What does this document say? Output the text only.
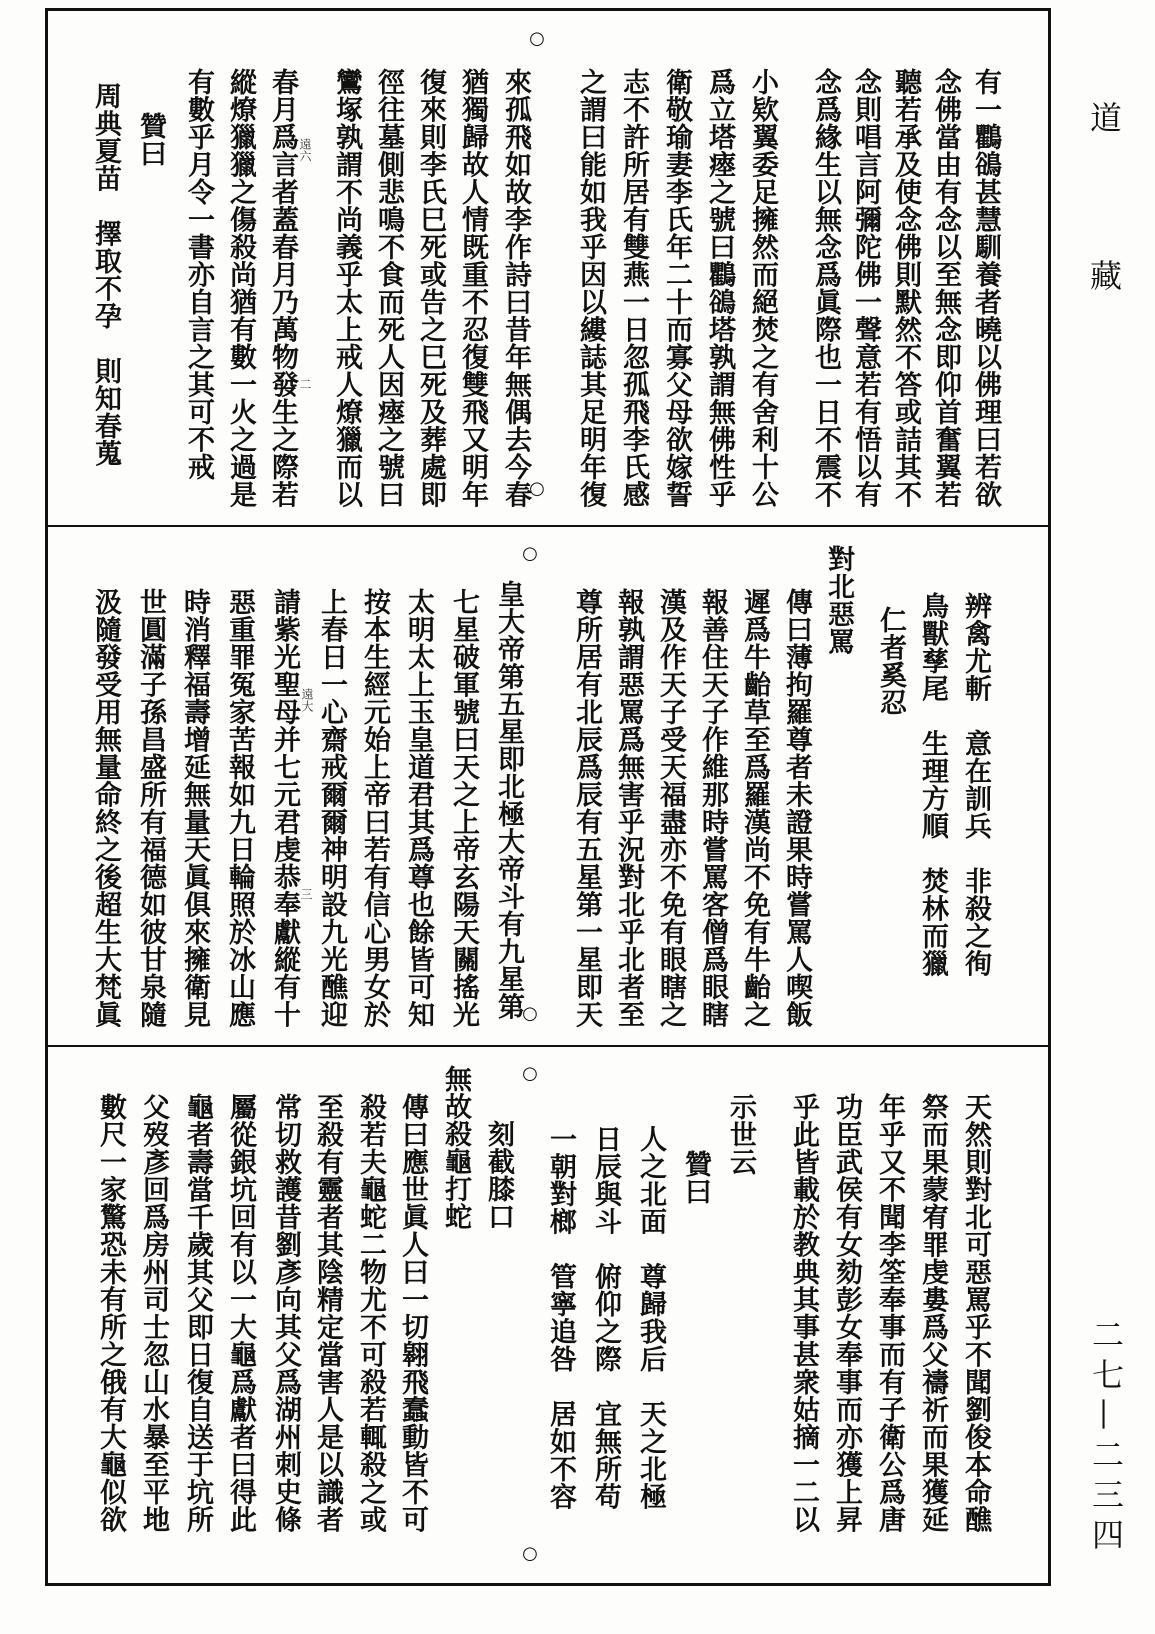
道
藏
二七—二三四
○
○
○
○
○
○
有一鸜鵒甚慧馴養者曉以佛理曰若欲
念佛當由有念以至無念即仰首奮翼若
聽若承及使念佛則默然不答或詰其不
念則唱言阿彌陀佛一聲意若有悟以有
念爲緣生以無念爲眞際也一日不震不
小欵翼委足擁然而絕焚之有舍利十公
爲立塔瘞之號曰鸜鵒塔孰謂無佛性乎
衛敬瑜妻李氏年二十而寡父母欲嫁誓
志不許所居有雙燕一日忽孤飛李氏感
之謂曰能如我乎因以縷誌其足明年復
來孤飛如故李作詩曰昔年無偶去今春
猶獨歸故人情既重不忍復雙飛又明年
復來則李氏巳死或告之巳死及葬處即
徑往墓側悲鳴不食而死人因瘞之號曰
鸞塚孰謂不尚義乎太上戒人燎獵而以
春月爲言者蓋春月乃萬物發生之際若
縱燎獵獵之傷殺尚猶有數一火之過是
有數乎月令一書亦自言之其可不戒
贊曰
周典夏苗　擇取不孕　則知春蒐	遠六
二
辨禽尤斬　意在訓兵　非殺之徇
鳥獸孳尾　生理方順　焚林而獵
仁者奚忍
對北惡罵
傳曰薄拘羅尊者未證果時嘗罵人喫飯
遲爲牛齝草至爲羅漢尚不免有牛齝之
報善住天子作維那時嘗罵客僧爲眼瞎
漢及作天子受天福盡亦不免有眼瞎之
報孰謂惡罵爲無害乎況對北乎北者至
尊所居有北辰爲辰有五星第一星即天
皇大帝第五星即北極大帝斗有九星第
七星破軍號曰天之上帝玄陽天關搖光
太明太上玉皇道君其爲尊也餘皆可知
按本生經元始上帝曰若有信心男女於
上春日一心齋戒爾爾神明設九光醮迎
請紫光聖母并七元君虔恭奉獻縱有十
惡重罪冤家苦報如九日輪照於冰山應
時消釋福壽增延無量天眞俱來擁衛見
世圓滿子孫昌盛所有福德如彼甘泉隨
汲隨發受用無量命終之後超生大梵眞	遠大
三
天然則對北可惡罵乎不聞劉俊本命醮
祭而果蒙宥罪虔婁爲父禱祈而果獲延
年乎又不聞李筌奉事而有子衛公爲唐
功臣武侯有女劾彭女奉事而亦獲上昇
乎此皆載於教典其事甚衆姑摘一二以
示世云
贊曰
人之北面　尊歸我后　天之北極
日辰與斗　俯仰之際　宜無所苟
一朝對榔　管寧追咎　居如不容
刻截膝口
無故殺龜打蛇
傳曰應世眞人曰一切翱飛蠢動皆不可
殺若夫龜蛇二物尤不可殺若輒殺之或
至殺有靈者其陰精定當害人是以識者
常切救護昔劉彥向其父爲湖州刺史條
屬從銀坑回有以一大龜爲獻者曰得此
龜者壽當千歲其父即日復自送于坑所
父歿彥回爲房州司士忽山水暴至平地
數尺一家驚恐未有所之俄有大龜似欲
